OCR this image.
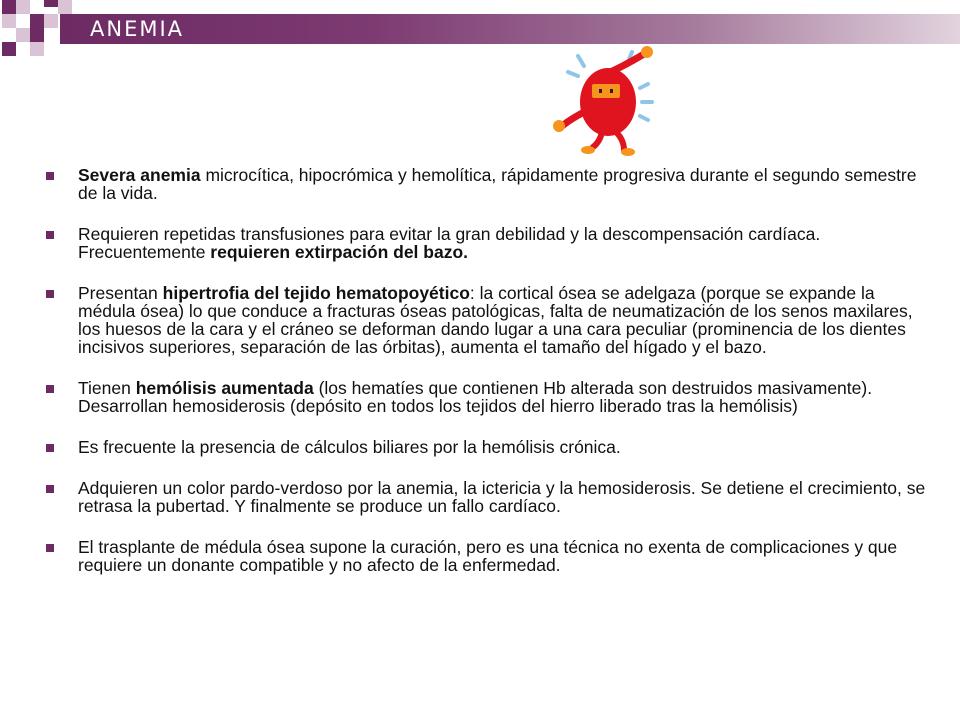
ANEMIA
Severa anemia microcítica, hipocrómica y hemolítica, rápidamente progresiva durante el segundo semestre de la vida.
Requieren repetidas transfusiones para evitar la gran debilidad y la descompensación cardíaca. Frecuentemente requieren extirpación del bazo.
Presentan hipertrofia del tejido hematopoyético: la cortical ósea se adelgaza (porque se expande la médula ósea) lo que conduce a fracturas óseas patológicas, falta de neumatización de los senos maxilares, los huesos de la cara y el cráneo se deforman dando lugar a una cara peculiar (prominencia de los dientes incisivos superiores, separación de las órbitas), aumenta el tamaño del hígado y el bazo.
Tienen hemólisis aumentada (los hematíes que contienen Hb alterada son destruidos masivamente). Desarrollan hemosiderosis (depósito en todos los tejidos del hierro liberado tras la hemólisis)
Es frecuente la presencia de cálculos biliares por la hemólisis crónica.
Adquieren un color pardo-verdoso por la anemia, la ictericia y la hemosiderosis. Se detiene el crecimiento, se retrasa la pubertad. Y finalmente se produce un fallo cardíaco.
El trasplante de médula ósea supone la curación, pero es una técnica no exenta de complicaciones y que requiere un donante compatible y no afecto de la enfermedad.
